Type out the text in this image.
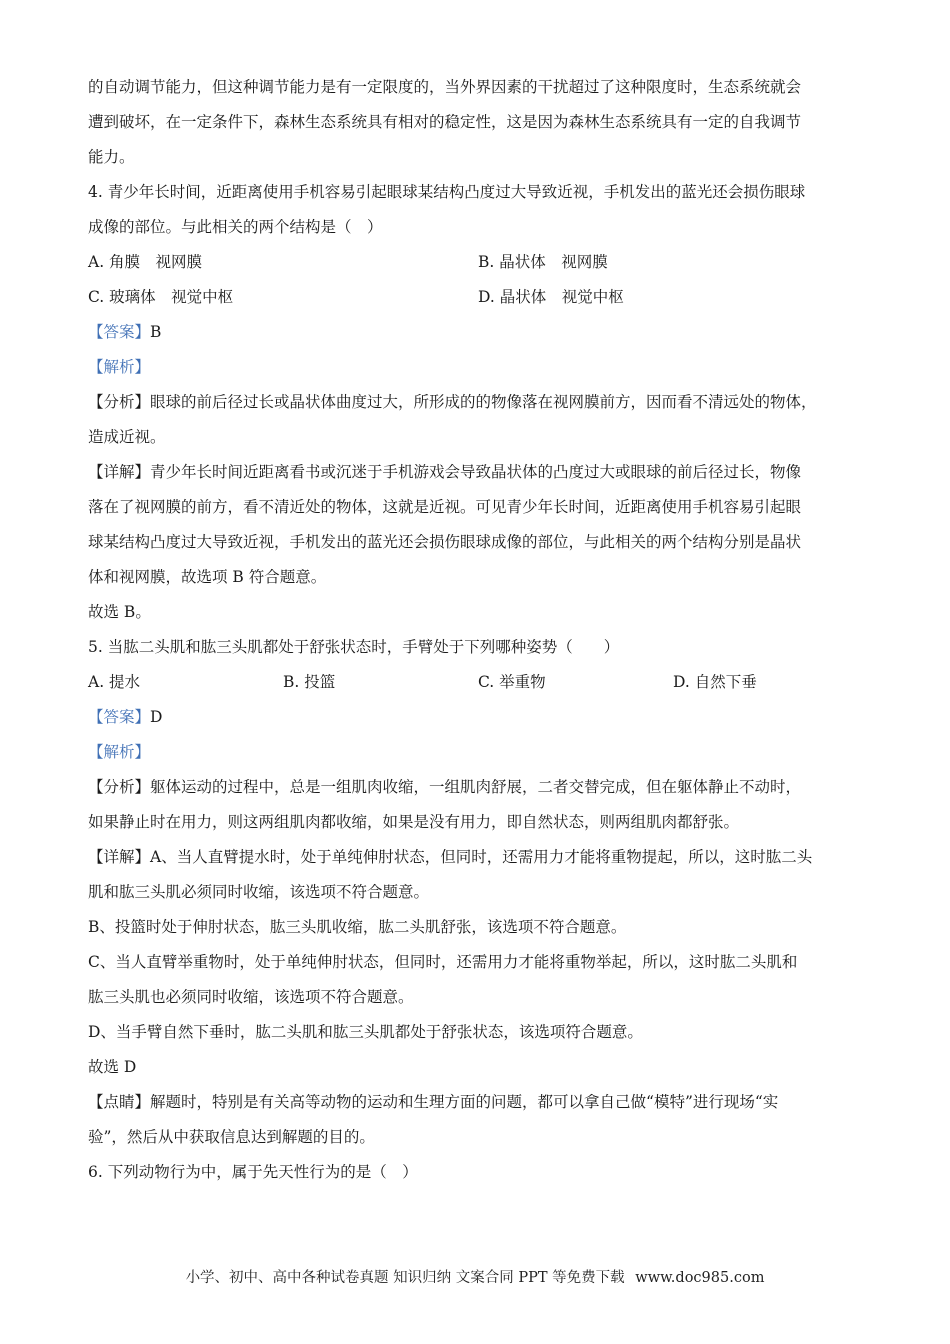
的自动调节能力，但这种调节能力是有一定限度的，当外界因素的干扰超过了这种限度时，生态系统就会
遭到破坏，在一定条件下，森林生态系统具有相对的稳定性，这是因为森林生态系统具有一定的自我调节
能力。
4. 青少年长时间，近距离使用手机容易引起眼球某结构凸度过大导致近视，手机发出的蓝光还会损伤眼球
成像的部位。与此相关的两个结构是（　）
A. 角膜　视网膜	B. 晶状体　视网膜
C. 玻璃体　视觉中枢	D. 晶状体　视觉中枢
【答案】B
【解析】
【分析】眼球的前后径过长或晶状体曲度过大，所形成的的物像落在视网膜前方，因而看不清远处的物体，
造成近视。
【详解】青少年长时间近距离看书或沉迷于手机游戏会导致晶状体的凸度过大或眼球的前后径过长，物像
落在了视网膜的前方，看不清近处的物体，这就是近视。可见青少年长时间，近距离使用手机容易引起眼
球某结构凸度过大导致近视，手机发出的蓝光还会损伤眼球成像的部位，与此相关的两个结构分别是晶状
体和视网膜，故选项 B 符合题意。
故选 B。
5. 当肱二头肌和肱三头肌都处于舒张状态时，手臂处于下列哪种姿势（　　）
A. 提水	B. 投篮	C. 举重物	D. 自然下垂
【答案】D
【解析】
【分析】躯体运动的过程中，总是一组肌肉收缩，一组肌肉舒展，二者交替完成，但在躯体静止不动时，
如果静止时在用力，则这两组肌肉都收缩，如果是没有用力，即自然状态，则两组肌肉都舒张。
【详解】A、当人直臂提水时，处于单纯伸肘状态，但同时，还需用力才能将重物提起，所以，这时肱二头
肌和肱三头肌必须同时收缩，该选项不符合题意。
B、投篮时处于伸肘状态，肱三头肌收缩，肱二头肌舒张，该选项不符合题意。
C、当人直臂举重物时，处于单纯伸肘状态，但同时，还需用力才能将重物举起，所以，这时肱二头肌和
肱三头肌也必须同时收缩，该选项不符合题意。
D、当手臂自然下垂时，肱二头肌和肱三头肌都处于舒张状态，该选项符合题意。
故选 D
【点睛】解题时，特别是有关高等动物的运动和生理方面的问题，都可以拿自己做“模特”进行现场“实
验”，然后从中获取信息达到解题的目的。
6. 下列动物行为中，属于先天性行为的是（　）
小学、初中、高中各种试卷真题 知识归纳 文案合同 PPT 等免费下载 www.doc985.com
